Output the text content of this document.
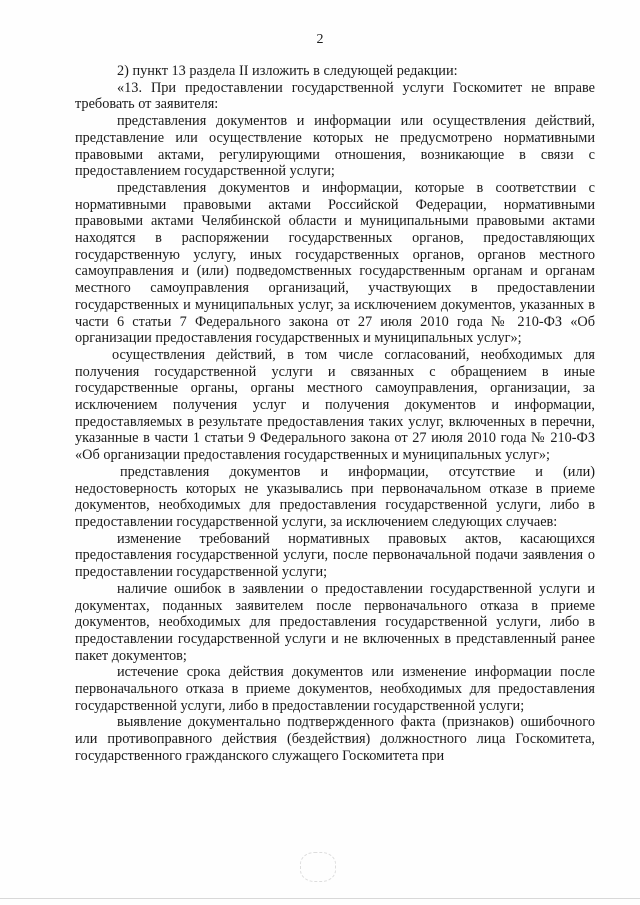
2

2) пункт 13 раздела II изложить в следующей редакции:

«13. При предоставлении государственной услуги Госкомитет не вправе требовать от заявителя:

представления документов и информации или осуществления действий, представление или осуществление которых не предусмотрено нормативными правовыми актами, регулирующими отношения, возникающие в связи с предоставлением государственной услуги;

представления документов и информации, которые в соответствии с нормативными правовыми актами Российской Федерации, нормативными правовыми актами Челябинской области и муниципальными правовыми актами находятся в распоряжении государственных органов, предоставляющих государственную услугу, иных государственных органов, органов местного самоуправления и (или) подведомственных государственным органам и органам местного самоуправления организаций, участвующих в предоставлении государственных и муниципальных услуг, за исключением документов, указанных в части 6 статьи 7 Федерального закона от 27 июля 2010 года № 210-ФЗ «Об организации предоставления государственных и муниципальных услуг»;

осуществления действий, в том числе согласований, необходимых для получения государственной услуги и связанных с обращением в иные государственные органы, органы местного самоуправления, организации, за исключением получения услуг и получения документов и информации, предоставляемых в результате предоставления таких услуг, включенных в перечни, указанные в части 1 статьи 9 Федерального закона от 27 июля 2010 года № 210-ФЗ «Об организации предоставления государственных и муниципальных услуг»;

представления документов и информации, отсутствие и (или) недостоверность которых не указывались при первоначальном отказе в приеме документов, необходимых для предоставления государственной услуги, либо в предоставлении государственной услуги, за исключением следующих случаев:

изменение требований нормативных правовых актов, касающихся предоставления государственной услуги, после первоначальной подачи заявления о предоставлении государственной услуги;

наличие ошибок в заявлении о предоставлении государственной услуги и документах, поданных заявителем после первоначального отказа в приеме документов, необходимых для предоставления государственной услуги, либо в предоставлении государственной услуги и не включенных в представленный ранее пакет документов;

истечение срока действия документов или изменение информации после первоначального отказа в приеме документов, необходимых для предоставления государственной услуги, либо в предоставлении государственной услуги;

выявление документально подтвержденного факта (признаков) ошибочного или противоправного действия (бездействия) должностного лица Госкомитета, государственного гражданского служащего Госкомитета при
